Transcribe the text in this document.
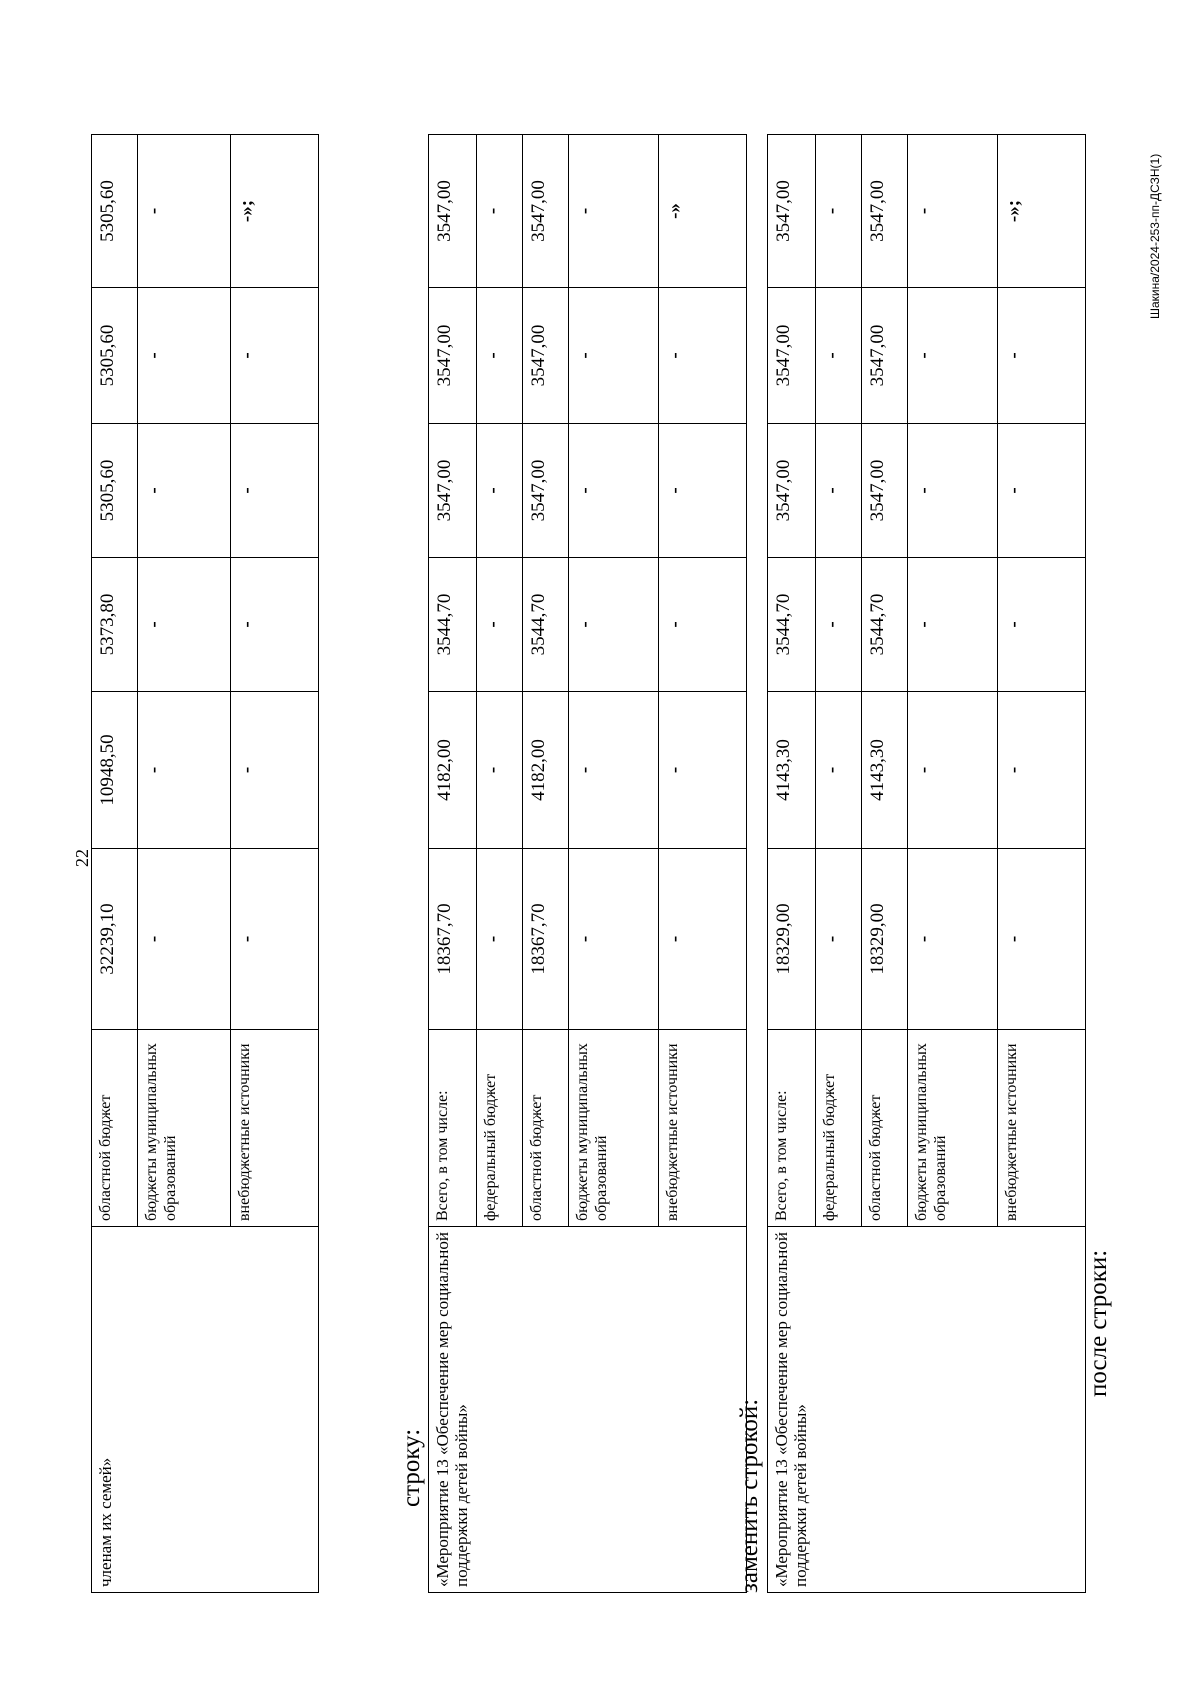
22
членам их семей»	областной бюджет	32239,10	10948,50	5373,80	5305,60	5305,60	5305,60
	бюджеты муниципальных образований	-	-	-	-	-	-
	внебюджетные источники	-	-	-	-	-	-»;
строку: «Мероприятие 13 «Обеспечение мер социальной поддержки детей войны»	Всего, в том числе:	18367,70	4182,00	3544,70	3547,00	3547,00	3547,00
	федеральный бюджет	-	-	-	-	-	-
	областной бюджет	18367,70	4182,00	3544,70	3547,00	3547,00	3547,00
	бюджеты муниципальных образований	-	-	-	-	-	-
	внебюджетные источники	-	-	-	-	-	-»
заменить строкой: «Мероприятие 13 «Обеспечение мер социальной поддержки детей войны»	Всего, в том числе:	18329,00	4143,30	3544,70	3547,00	3547,00	3547,00
	федеральный бюджет	-	-	-	-	-	-
	областной бюджет	18329,00	4143,30	3544,70	3547,00	3547,00	3547,00
	бюджеты муниципальных образований	-	-	-	-	-	-
	внебюджетные источники	-	-	-	-	-	-»;
после строки:
Шакина/2024-253-пп-ДСЗН(1)
